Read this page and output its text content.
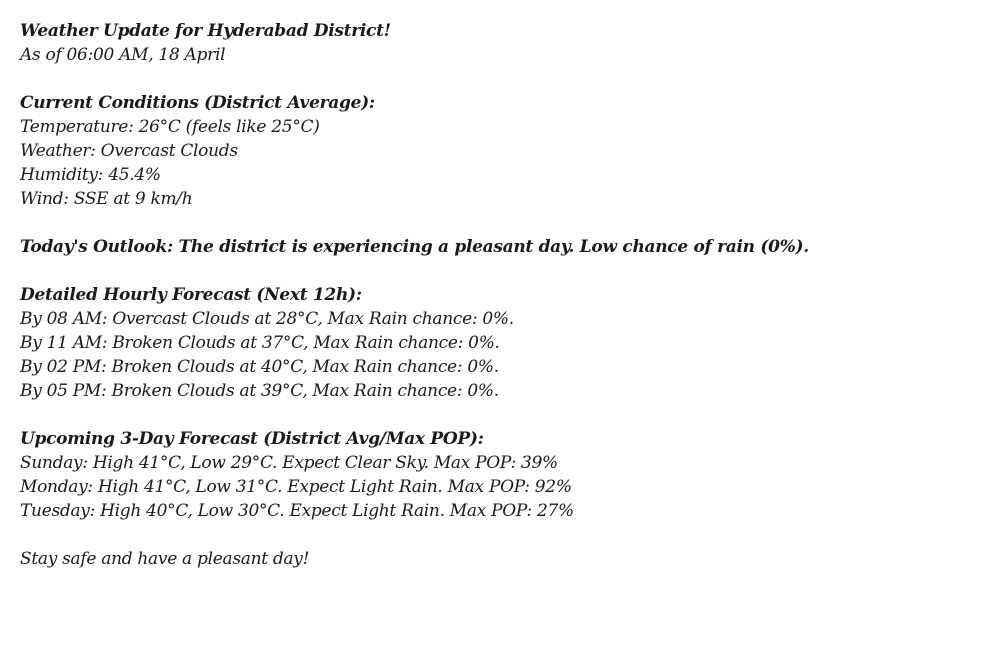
Weather Update for Hyderabad District!
As of 06:00 AM, 18 April
Current Conditions (District Average):
Temperature: 26°C (feels like 25°C)
Weather: Overcast Clouds
Humidity: 45.4%
Wind: SSE at 9 km/h
Today's Outlook: The district is experiencing a pleasant day. Low chance of rain (0%).
Detailed Hourly Forecast (Next 12h):
By 08 AM: Overcast Clouds at 28°C, Max Rain chance: 0%.
By 11 AM: Broken Clouds at 37°C, Max Rain chance: 0%.
By 02 PM: Broken Clouds at 40°C, Max Rain chance: 0%.
By 05 PM: Broken Clouds at 39°C, Max Rain chance: 0%.
Upcoming 3-Day Forecast (District Avg/Max POP):
Sunday: High 41°C, Low 29°C. Expect Clear Sky. Max POP: 39%
Monday: High 41°C, Low 31°C. Expect Light Rain. Max POP: 92%
Tuesday: High 40°C, Low 30°C. Expect Light Rain. Max POP: 27%
Stay safe and have a pleasant day!
